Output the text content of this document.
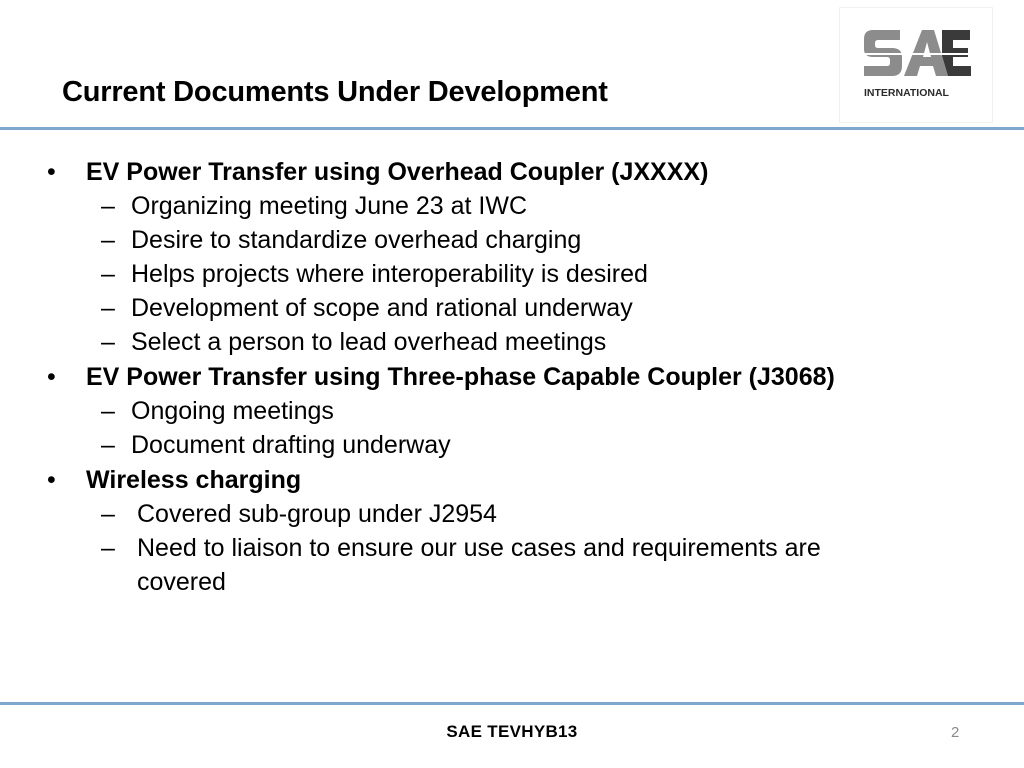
Current Documents Under Development	INTERNATIONAL
• EV Power Transfer using Overhead Coupler (JXXXX)
– Organizing meeting June 23 at IWC
– Desire to standardize overhead charging
– Helps projects where interoperability is desired
– Development of scope and rational underway
– Select a person to lead overhead meetings
• EV Power Transfer using Three-phase Capable Coupler (J3068)
– Ongoing meetings
– Document drafting underway
• Wireless charging
– Covered sub-group under J2954
– Need to liaison to ensure our use cases and requirements are
covered
SAE TEVHYB13	2
